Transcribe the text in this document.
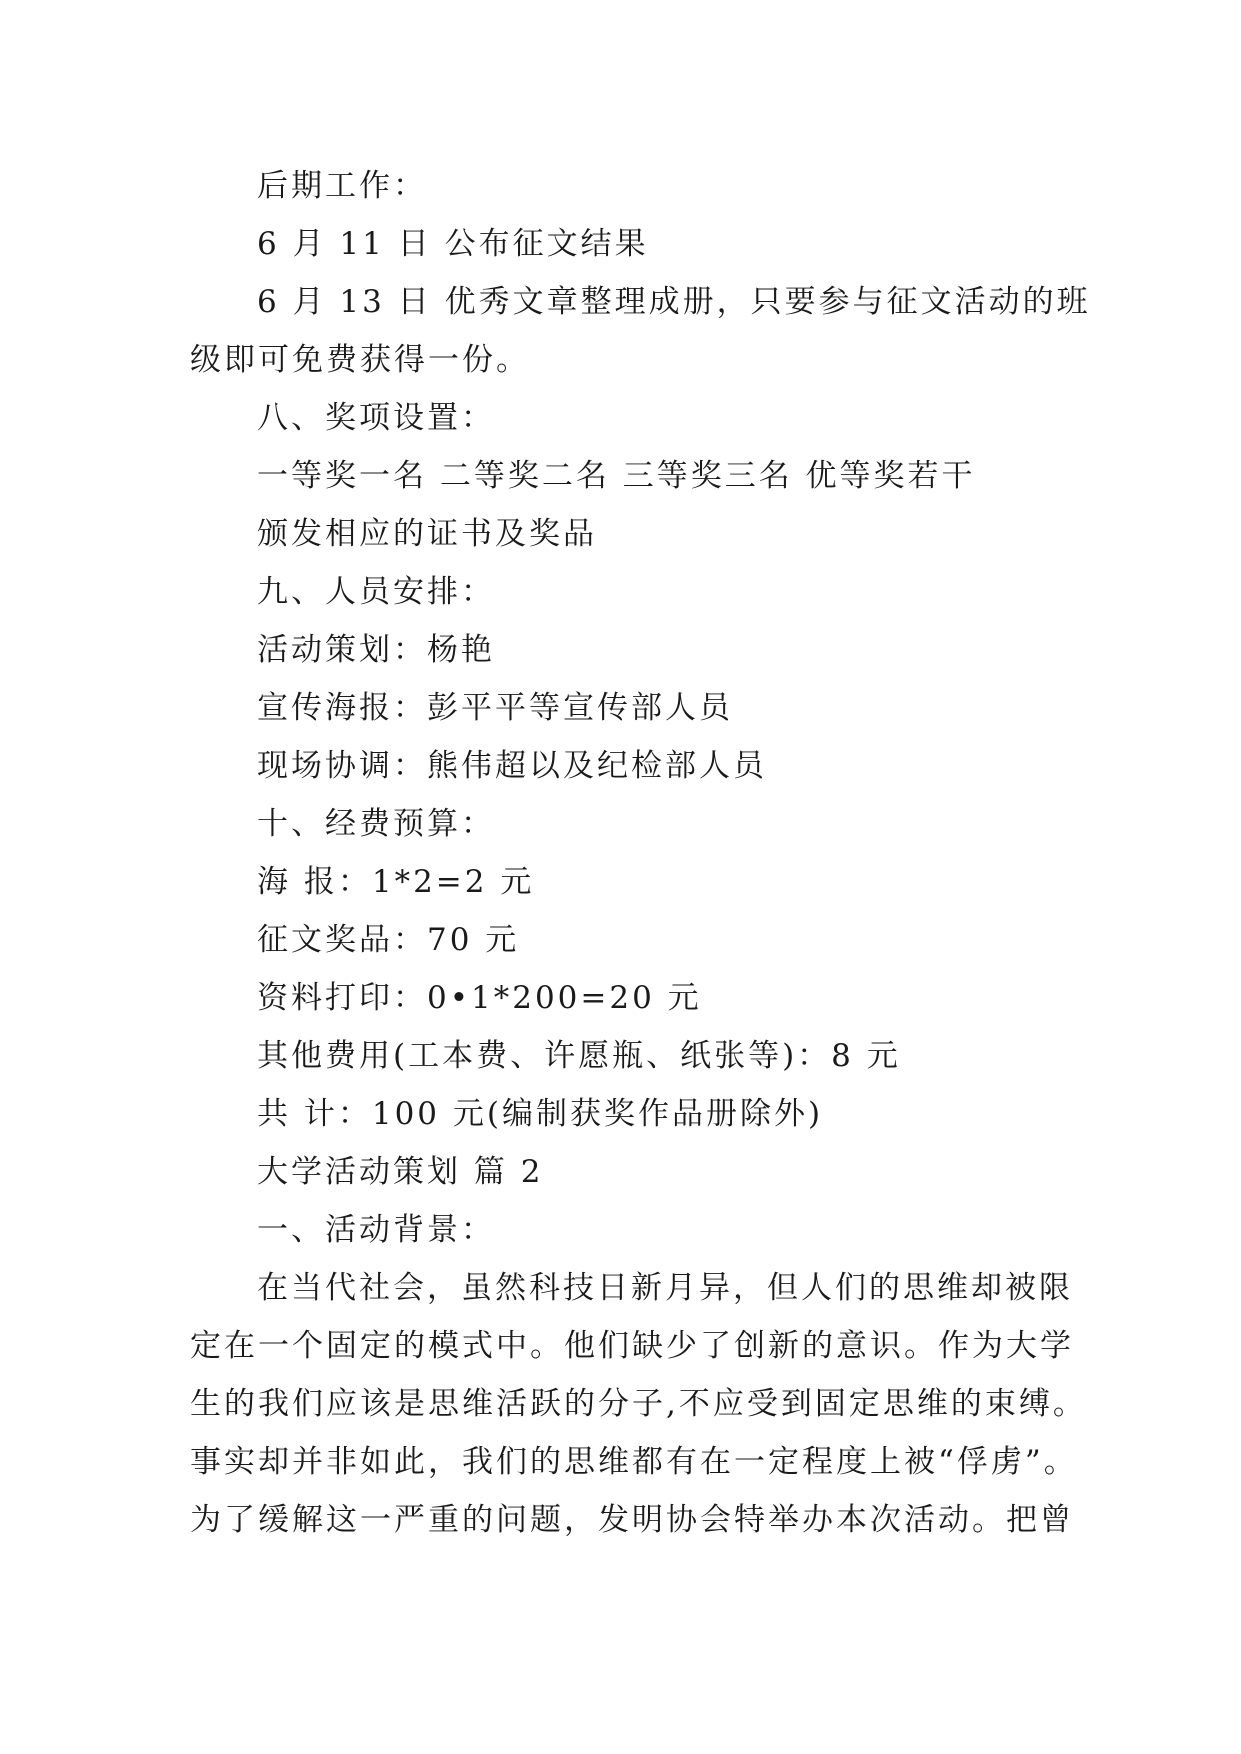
后期工作：
6 月 11 日 公布征文结果
6 月 13 日 优秀文章整理成册，只要参与征文活动的班
级即可免费获得一份。
八、奖项设置：
一等奖一名 二等奖二名 三等奖三名 优等奖若干
颁发相应的证书及奖品
九、人员安排：
活动策划：杨艳
宣传海报：彭平平等宣传部人员
现场协调：熊伟超以及纪检部人员
十、经费预算：
海 报：1*2=2 元
征文奖品：70 元
资料打印：0•1*200=20 元
其他费用(工本费、许愿瓶、纸张等)：8 元
共 计：100 元(编制获奖作品册除外)
大学活动策划 篇 2
一、活动背景：
在当代社会，虽然科技日新月异，但人们的思维却被限
定在一个固定的模式中。他们缺少了创新的意识。作为大学
生的我们应该是思维活跃的分子,不应受到固定思维的束缚。
事实却并非如此，我们的思维都有在一定程度上被“俘虏”。
为了缓解这一严重的问题，发明协会特举办本次活动。把曾
